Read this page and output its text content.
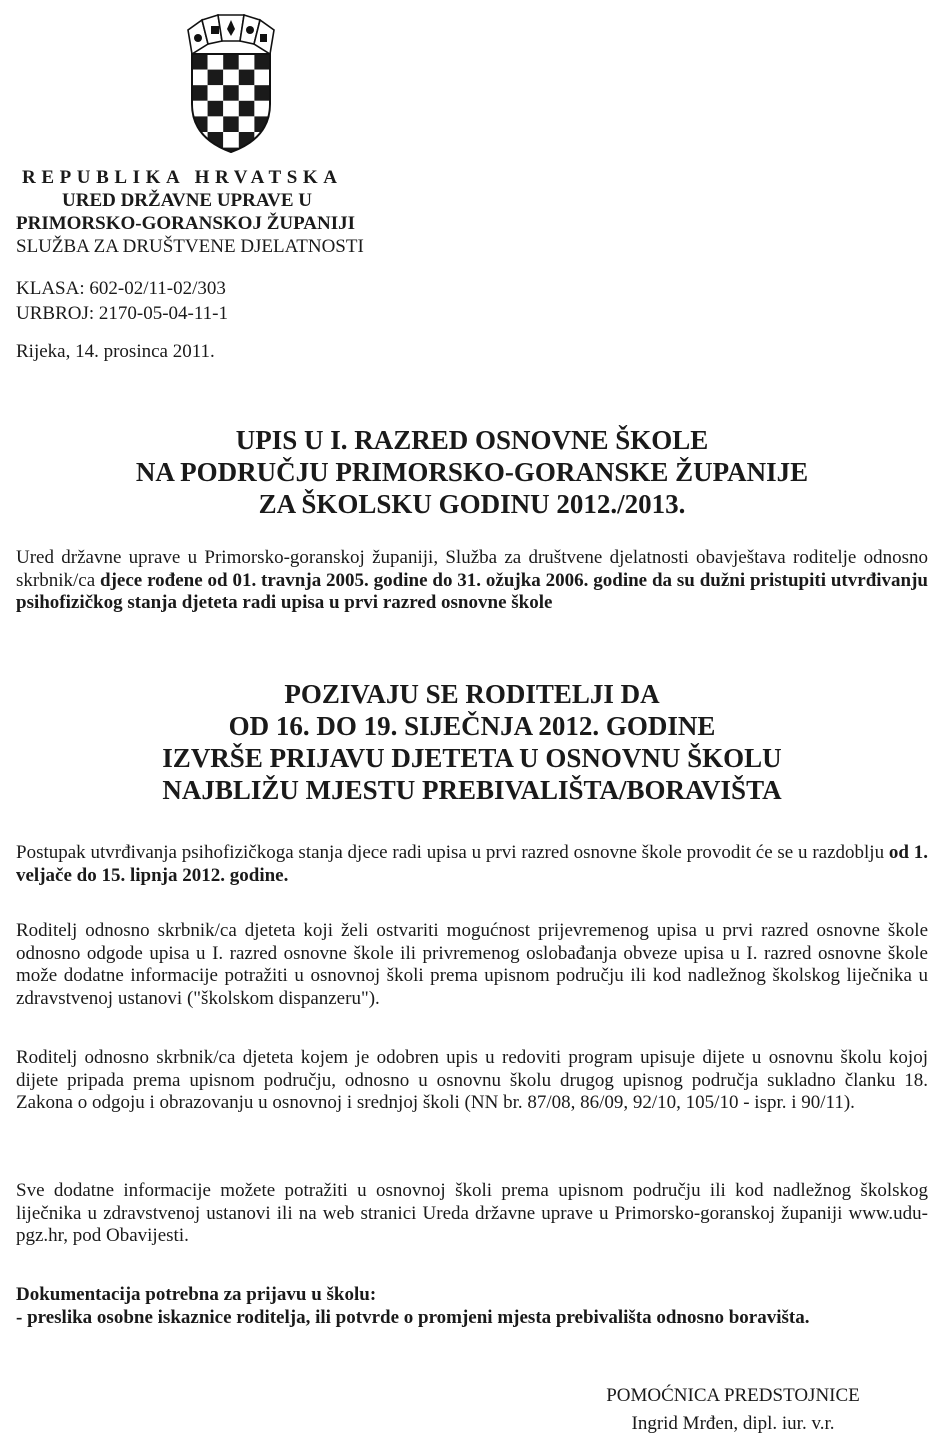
REPUBLIKA HRVATSKA
URED DRŽAVNE UPRAVE U
PRIMORSKO-GORANSKOJ ŽUPANIJI
SLUŽBA ZA DRUŠTVENE DJELATNOSTI
KLASA: 602-02/11-02/303
URBROJ: 2170-05-04-11-1
Rijeka, 14. prosinca 2011.
UPIS U I. RAZRED OSNOVNE ŠKOLE
NA PODRUČJU PRIMORSKO-GORANSKE ŽUPANIJE
ZA ŠKOLSKU GODINU 2012./2013.

Ured državne uprave u Primorsko-goranskoj županiji, Služba za društvene djelatnosti obavještava roditelje odnosno skrbnik/ca djece rođene od 01. travnja 2005. godine do 31. ožujka 2006. godine da su dužni pristupiti utvrđivanju psihofizičkog stanja djeteta radi upisa u prvi razred osnovne škole

POZIVAJU SE RODITELJI DA
OD 16. DO 19. SIJEČNJA 2012. GODINE
IZVRŠE PRIJAVU DJETETA U OSNOVNU ŠKOLU
NAJBLIŽU MJESTU PREBIVALIŠTA/BORAVIŠTA

Postupak utvrđivanja psihofizičkoga stanja djece radi upisa u prvi razred osnovne škole provodit će se u razdoblju od 1. veljače do 15. lipnja 2012. godine.

Roditelj odnosno skrbnik/ca djeteta koji želi ostvariti mogućnost prijevremenog upisa u prvi razred osnovne škole odnosno odgode upisa u I. razred osnovne škole ili privremenog oslobađanja obveze upisa u I. razred osnovne škole može dodatne informacije potražiti u osnovnoj školi prema upisnom području ili kod nadležnog školskog liječnika u zdravstvenoj ustanovi ("školskom dispanzeru").

Roditelj odnosno skrbnik/ca djeteta kojem je odobren upis u redoviti program upisuje dijete u osnovnu školu kojoj dijete pripada prema upisnom području, odnosno u osnovnu školu drugog upisnog područja sukladno članku 18. Zakona o odgoju i obrazovanju u osnovnoj i srednjoj školi (NN br. 87/08, 86/09, 92/10, 105/10 - ispr. i 90/11).

Sve dodatne informacije možete potražiti u osnovnoj školi prema upisnom području ili kod nadležnog školskog liječnika u zdravstvenoj ustanovi ili na web stranici Ureda državne uprave u Primorsko-goranskoj županiji www.udu-pgz.hr, pod Obavijesti.

Dokumentacija potrebna za prijavu u školu:
- preslika osobne iskaznice roditelja, ili potvrde o promjeni mjesta prebivališta odnosno boravišta.
POMOĆNICA PREDSTOJNICE
Ingrid Mrđen, dipl. iur. v.r.
